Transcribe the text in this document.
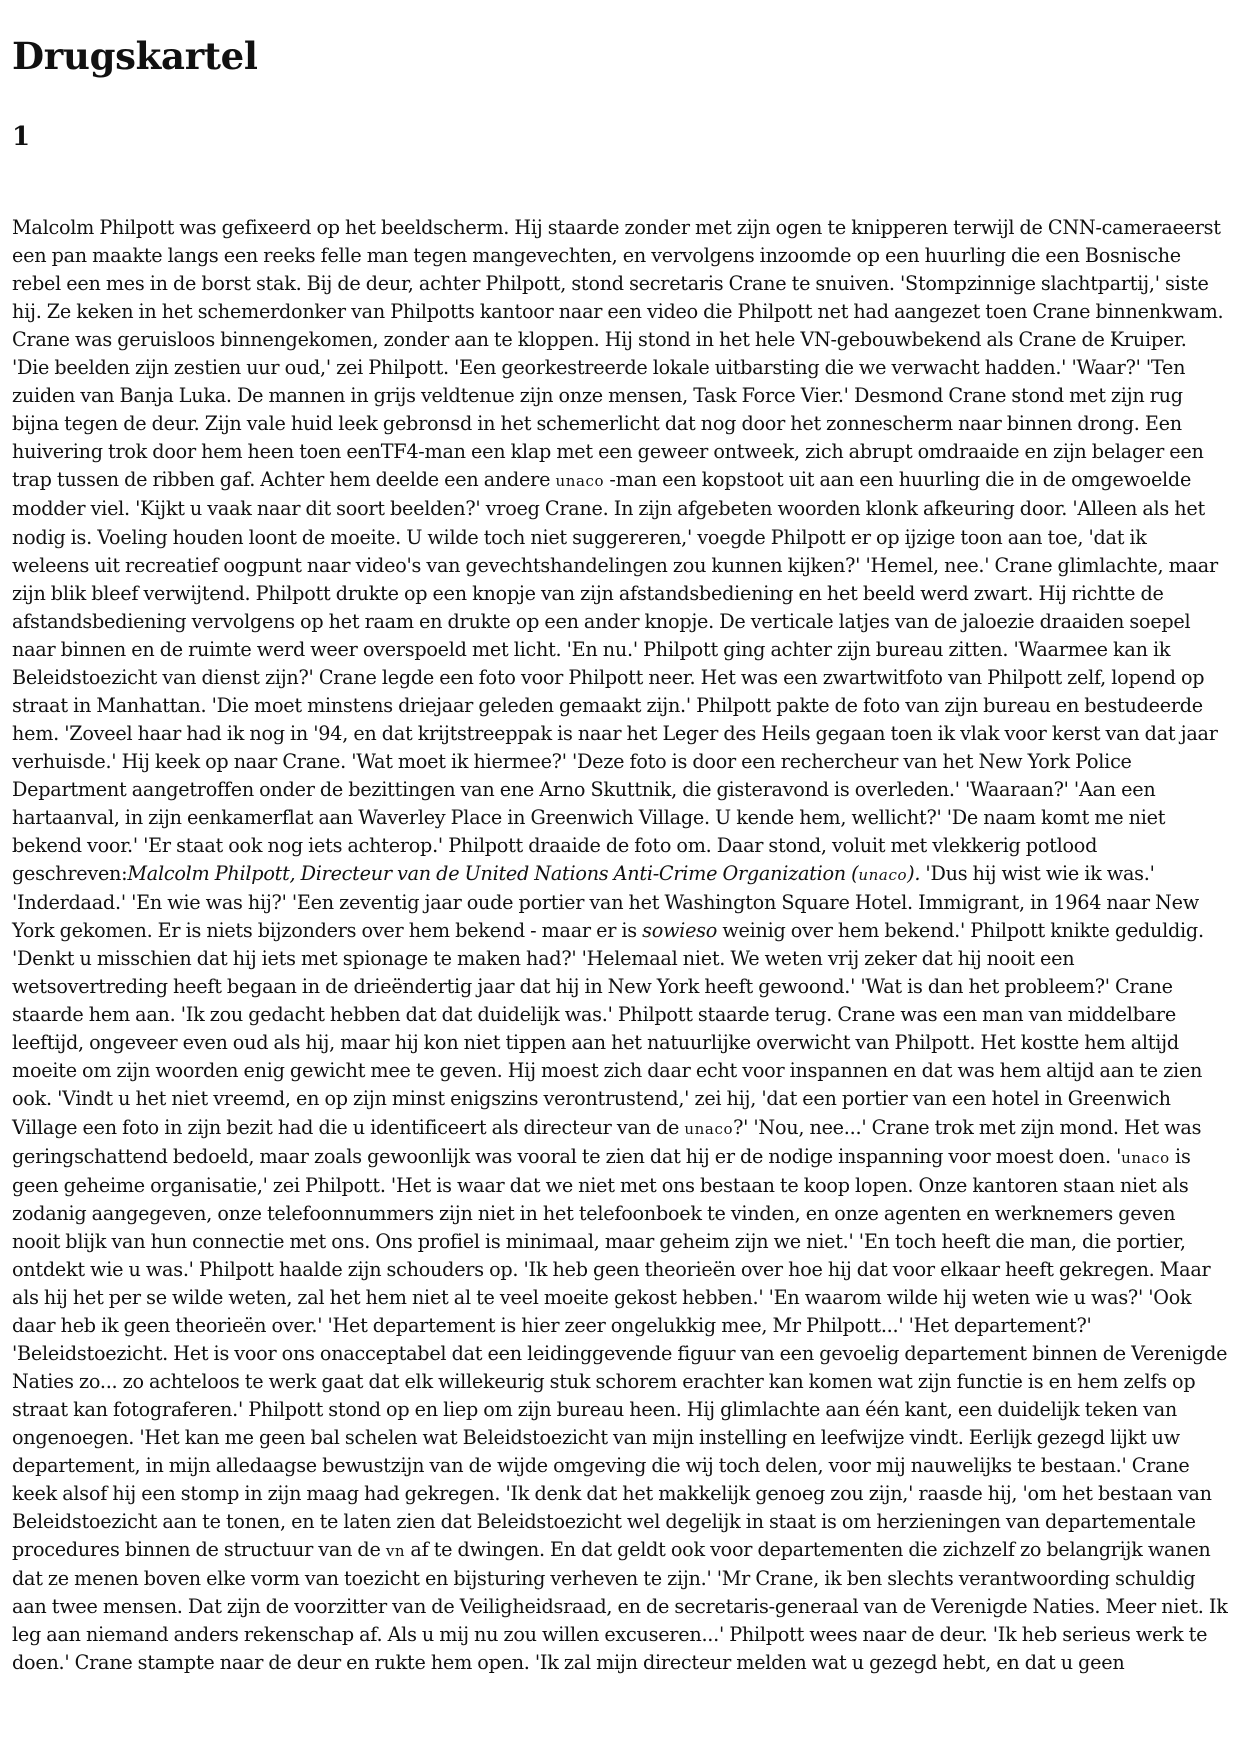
Drugskartel
1

Malcolm Philpott was gefixeerd op het beeldscherm. Hij staarde zonder met zijn ogen te knipperen terwijl de CNN-cameraeerst een pan maakte langs een reeks felle man tegen mangevechten, en vervolgens inzoomde op een huurling die een Bosnische rebel een mes in de borst stak. Bij de deur, achter Philpott, stond secretaris Crane te snuiven. 'Stompzinnige slachtpartij,' siste hij. Ze keken in het schemerdonker van Philpotts kantoor naar een video die Philpott net had aangezet toen Crane binnenkwam. Crane was geruisloos binnengekomen, zonder aan te kloppen. Hij stond in het hele VN-gebouwbekend als Crane de Kruiper. 'Die beelden zijn zestien uur oud,' zei Philpott. 'Een georkestreerde lokale uitbarsting die we verwacht hadden.' 'Waar?' 'Ten zuiden van Banja Luka. De mannen in grijs veldtenue zijn onze mensen, Task Force Vier.' Desmond Crane stond met zijn rug bijna tegen de deur. Zijn vale huid leek gebronsd in het schemerlicht dat nog door het zonnescherm naar binnen drong. Een huivering trok door hem heen toen eenTF4-man een klap met een geweer ontweek, zich abrupt omdraaide en zijn belager een trap tussen de ribben gaf. Achter hem deelde een andere unaco -man een kopstoot uit aan een huurling die in de omgewoelde modder viel. 'Kijkt u vaak naar dit soort beelden?' vroeg Crane. In zijn afgebeten woorden klonk afkeuring door. 'Alleen als het nodig is. Voeling houden loont de moeite. U wilde toch niet suggereren,' voegde Philpott er op ijzige toon aan toe, 'dat ik weleens uit recreatief oogpunt naar video's van gevechtshandelingen zou kunnen kijken?' 'Hemel, nee.' Crane glimlachte, maar zijn blik bleef verwijtend. Philpott drukte op een knopje van zijn afstandsbediening en het beeld werd zwart. Hij richtte de afstandsbediening vervolgens op het raam en drukte op een ander knopje. De verticale latjes van de jaloezie draaiden soepel naar binnen en de ruimte werd weer overspoeld met licht. 'En nu.' Philpott ging achter zijn bureau zitten. 'Waarmee kan ik Beleidstoezicht van dienst zijn?' Crane legde een foto voor Philpott neer. Het was een zwartwitfoto van Philpott zelf, lopend op straat in Manhattan. 'Die moet minstens driejaar geleden gemaakt zijn.' Philpott pakte de foto van zijn bureau en bestudeerde hem. 'Zoveel haar had ik nog in '94, en dat krijtstreeppak is naar het Leger des Heils gegaan toen ik vlak voor kerst van dat jaar verhuisde.' Hij keek op naar Crane. 'Wat moet ik hiermee?' 'Deze foto is door een rechercheur van het New York Police Department aangetroffen onder de bezittingen van ene Arno Skuttnik, die gisteravond is overleden.' 'Waaraan?' 'Aan een hartaanval, in zijn eenkamerflat aan Waverley Place in Greenwich Village. U kende hem, wellicht?' 'De naam komt me niet bekend voor.' 'Er staat ook nog iets achterop.' Philpott draaide de foto om. Daar stond, voluit met vlekkerig potlood geschreven:Malcolm Philpott, Directeur van de United Nations Anti-Crime Organization (unaco). 'Dus hij wist wie ik was.' 'Inderdaad.' 'En wie was hij?' 'Een zeventig jaar oude portier van het Washington Square Hotel. Immigrant, in 1964 naar New York gekomen. Er is niets bijzonders over hem bekend - maar er is sowieso weinig over hem bekend.' Philpott knikte geduldig. 'Denkt u misschien dat hij iets met spionage te maken had?' 'Helemaal niet. We weten vrij zeker dat hij nooit een wetsovertreding heeft begaan in de drieëndertig jaar dat hij in New York heeft gewoond.' 'Wat is dan het probleem?' Crane staarde hem aan. 'Ik zou gedacht hebben dat dat duidelijk was.' Philpott staarde terug. Crane was een man van middelbare leeftijd, ongeveer even oud als hij, maar hij kon niet tippen aan het natuurlijke overwicht van Philpott. Het kostte hem altijd moeite om zijn woorden enig gewicht mee te geven. Hij moest zich daar echt voor inspannen en dat was hem altijd aan te zien ook. 'Vindt u het niet vreemd, en op zijn minst enigszins verontrustend,' zei hij, 'dat een portier van een hotel in Greenwich Village een foto in zijn bezit had die u identificeert als directeur van de unaco?' 'Nou, nee...' Crane trok met zijn mond. Het was geringschattend bedoeld, maar zoals gewoonlijk was vooral te zien dat hij er de nodige inspanning voor moest doen. 'unaco is geen geheime organisatie,' zei Philpott. 'Het is waar dat we niet met ons bestaan te koop lopen. Onze kantoren staan niet als zodanig aangegeven, onze telefoonnummers zijn niet in het telefoonboek te vinden, en onze agenten en werknemers geven nooit blijk van hun connectie met ons. Ons profiel is minimaal, maar geheim zijn we niet.' 'En toch heeft die man, die portier, ontdekt wie u was.' Philpott haalde zijn schouders op. 'Ik heb geen theorieën over hoe hij dat voor elkaar heeft gekregen. Maar als hij het per se wilde weten, zal het hem niet al te veel moeite gekost hebben.' 'En waarom wilde hij weten wie u was?' 'Ook daar heb ik geen theorieën over.' 'Het departement is hier zeer ongelukkig mee, Mr Philpott...' 'Het departement?' 'Beleidstoezicht. Het is voor ons onacceptabel dat een leidinggevende figuur van een gevoelig departement binnen de Verenigde Naties zo... zo achteloos te werk gaat dat elk willekeurig stuk schorem erachter kan komen wat zijn functie is en hem zelfs op straat kan fotograferen.' Philpott stond op en liep om zijn bureau heen. Hij glimlachte aan één kant, een duidelijk teken van ongenoegen. 'Het kan me geen bal schelen wat Beleidstoezicht van mijn instelling en leefwijze vindt. Eerlijk gezegd lijkt uw departement, in mijn alledaagse bewustzijn van de wijde omgeving die wij toch delen, voor mij nauwelijks te bestaan.' Crane keek alsof hij een stomp in zijn maag had gekregen. 'Ik denk dat het makkelijk genoeg zou zijn,' raasde hij, 'om het bestaan van Beleidstoezicht aan te tonen, en te laten zien dat Beleidstoezicht wel degelijk in staat is om herzieningen van departementale procedures binnen de structuur van de vn af te dwingen. En dat geldt ook voor departementen die zichzelf zo belangrijk wanen dat ze menen boven elke vorm van toezicht en bijsturing verheven te zijn.' 'Mr Crane, ik ben slechts verantwoording schuldig aan twee mensen. Dat zijn de voorzitter van de Veiligheidsraad, en de secretaris-generaal van de Verenigde Naties. Meer niet. Ik leg aan niemand anders rekenschap af. Als u mij nu zou willen excuseren...' Philpott wees naar de deur. 'Ik heb serieus werk te doen.' Crane stampte naar de deur en rukte hem open. 'Ik zal mijn directeur melden wat u gezegd hebt, en dat u geen
